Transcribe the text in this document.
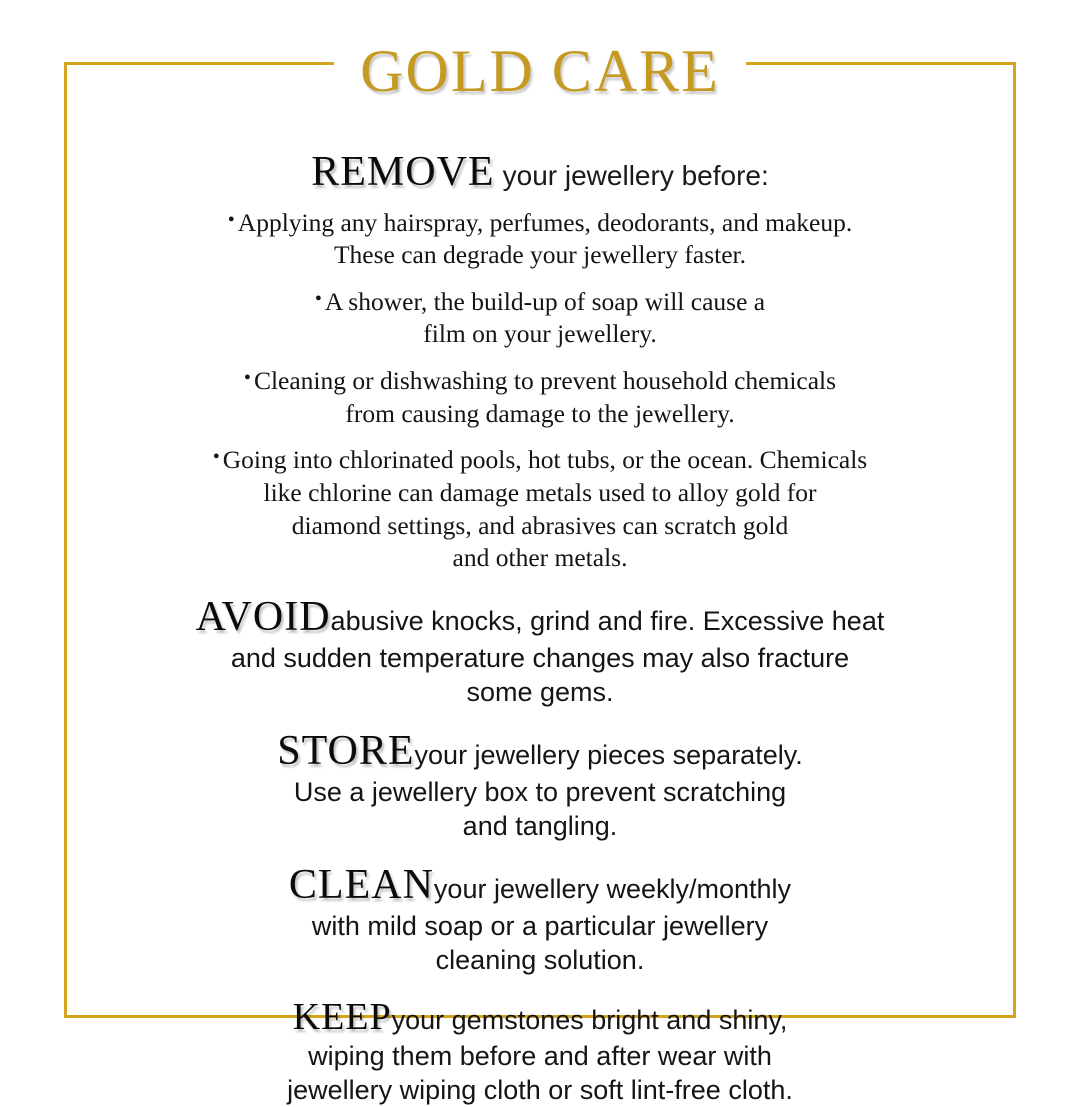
GOLD CARE
REMOVE your jewellery before:
• Applying any hairspray, perfumes, deodorants, and makeup.
These can degrade your jewellery faster.
• A shower, the build-up of soap will cause a
film on your jewellery.
• Cleaning or dishwashing to prevent household chemicals
from causing damage to the jewellery.
• Going into chlorinated pools, hot tubs, or the ocean. Chemicals
like chlorine can damage metals used to alloy gold for
diamond settings, and abrasives can scratch gold
and other metals.
AVOIDabusive knocks, grind and fire. Excessive heat
and sudden temperature changes may also fracture
some gems.
STOREyour jewellery pieces separately.
Use a jewellery box to prevent scratching
and tangling.
CLEANyour jewellery weekly/monthly
with mild soap or a particular jewellery
cleaning solution.
KEEPyour gemstones bright and shiny,
wiping them before and after wear with
jewellery wiping cloth or soft lint-free cloth.
